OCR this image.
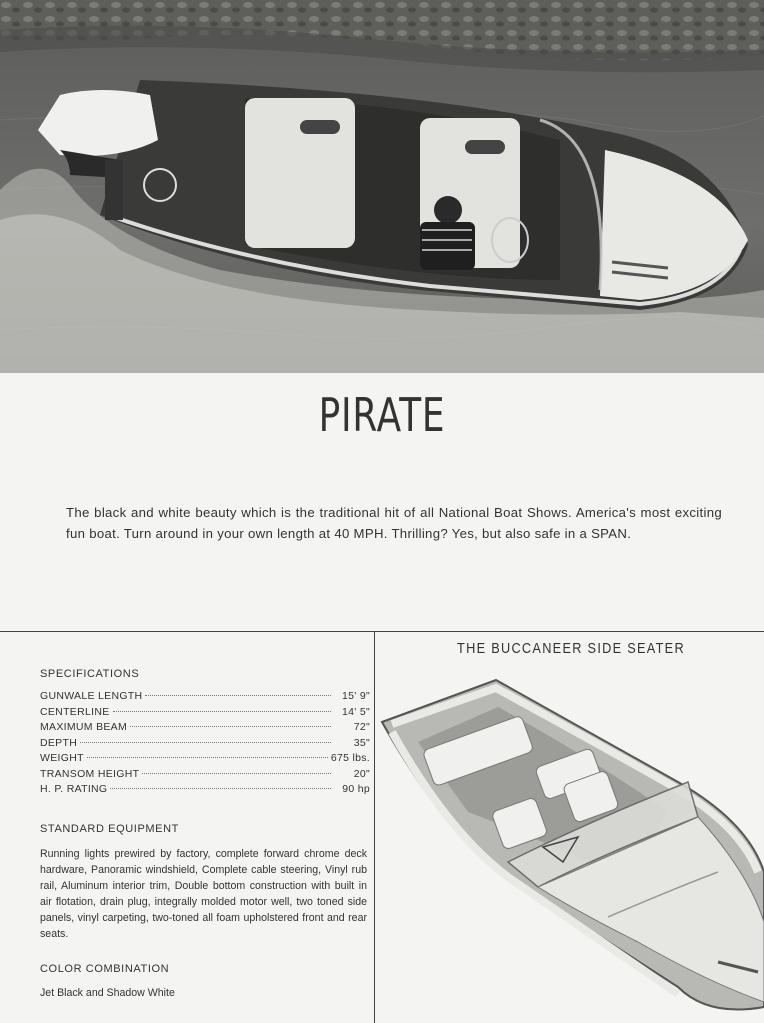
PIRATE
The black and white beauty which is the traditional hit of all National Boat Shows. America's most exciting fun boat. Turn around in your own length at 40 MPH. Thrilling? Yes, but also safe in a SPAN.
THE BUCCANEER SIDE SEATER
SPECIFICATIONS
GUNWALE LENGTH	15' 9"
CENTERLINE	14' 5"
MAXIMUM BEAM	72"
DEPTH	35"
WEIGHT	675 lbs.
TRANSOM HEIGHT	20"
H. P. RATING	90 hp
STANDARD EQUIPMENT
Running lights prewired by factory, complete forward chrome deck hardware, Panoramic windshield, Complete cable steering, Vinyl rub rail, Aluminum interior trim, Double bottom construction with built in air flotation, drain plug, integrally molded motor well, two toned side panels, vinyl carpeting, two-toned all foam upholstered front and rear seats.
COLOR COMBINATION
Jet Black and Shadow White
